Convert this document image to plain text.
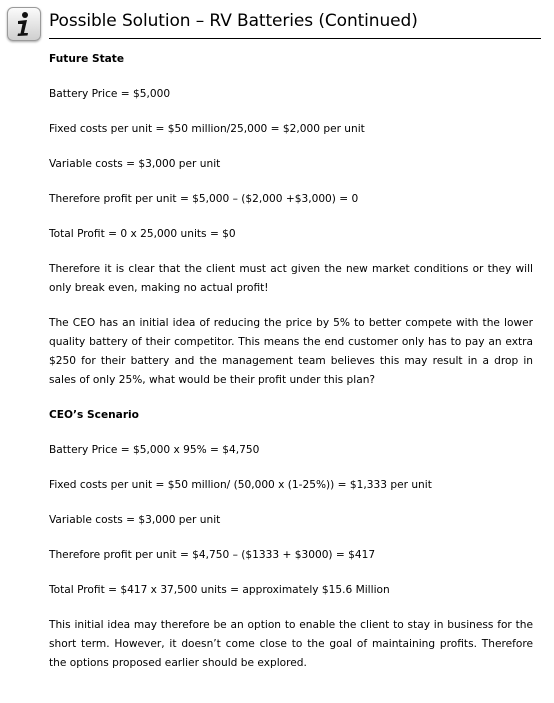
Possible Solution – RV Batteries (Continued)

Future State

Battery Price = $5,000

Fixed costs per unit = $50 million/25,000 = $2,000 per unit

Variable costs = $3,000 per unit

Therefore profit per unit = $5,000 – ($2,000 +$3,000) = 0

Total Profit = 0 x 25,000 units = $0

Therefore it is clear that the client must act given the new market conditions or they will only break even, making no actual profit!

The CEO has an initial idea of reducing the price by 5% to better compete with the lower quality battery of their competitor. This means the end customer only has to pay an extra $250 for their battery and the management team believes this may result in a drop in sales of only 25%, what would be their profit under this plan?

CEO’s Scenario

Battery Price = $5,000 x 95% = $4,750

Fixed costs per unit = $50 million/ (50,000 x (1-25%)) = $1,333 per unit

Variable costs = $3,000 per unit

Therefore profit per unit = $4,750 – ($1333 + $3000) = $417

Total Profit = $417 x 37,500 units = approximately $15.6 Million

This initial idea may therefore be an option to enable the client to stay in business for the short term. However, it doesn’t come close to the goal of maintaining profits. Therefore the options proposed earlier should be explored.
